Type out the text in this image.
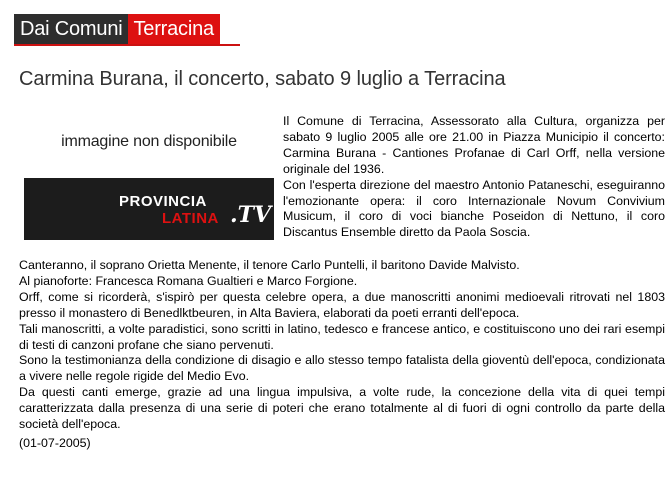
Dai Comuni Terracina
Carmina Burana, il concerto, sabato 9 luglio a Terracina

immagine non disponibile

PROVINCIA
LATINA .TV

Il Comune di Terracina, Assessorato alla Cultura, organizza per sabato 9 luglio 2005 alle ore 21.00 in Piazza Municipio il concerto: Carmina Burana - Cantiones Profanae di Carl Orff, nella versione originale del 1936.

Con l'esperta direzione del maestro Antonio Pataneschi, eseguiranno l'emozionante opera: il coro Internazionale Novum Convivium Musicum, il coro di voci bianche Poseidon di Nettuno, il coro Discantus Ensemble diretto da Paola Soscia.

Canteranno, il soprano Orietta Menente, il tenore Carlo Puntelli, il baritono Davide Malvisto.

Al pianoforte: Francesca Romana Gualtieri e Marco Forgione.

Orff, come si ricorderà, s'ispirò per questa celebre opera, a due manoscritti anonimi medioevali ritrovati nel 1803 presso il monastero di Benedlktbeuren, in Alta Baviera, elaborati da poeti erranti dell'epoca.

Tali manoscritti, a volte paradistici, sono scritti in latino, tedesco e francese antico, e costituiscono uno dei rari esempi di testi di canzoni profane che siano pervenuti.

Sono la testimonianza della condizione di disagio e allo stesso tempo fatalista della gioventù dell'epoca, condizionata a vivere nelle regole rigide del Medio Evo.

Da questi canti emerge, grazie ad una lingua impulsiva, a volte rude, la concezione della vita di quei tempi caratterizzata dalla presenza di una serie di poteri che erano totalmente al di fuori di ogni controllo da parte della società dell'epoca.

(01-07-2005)
